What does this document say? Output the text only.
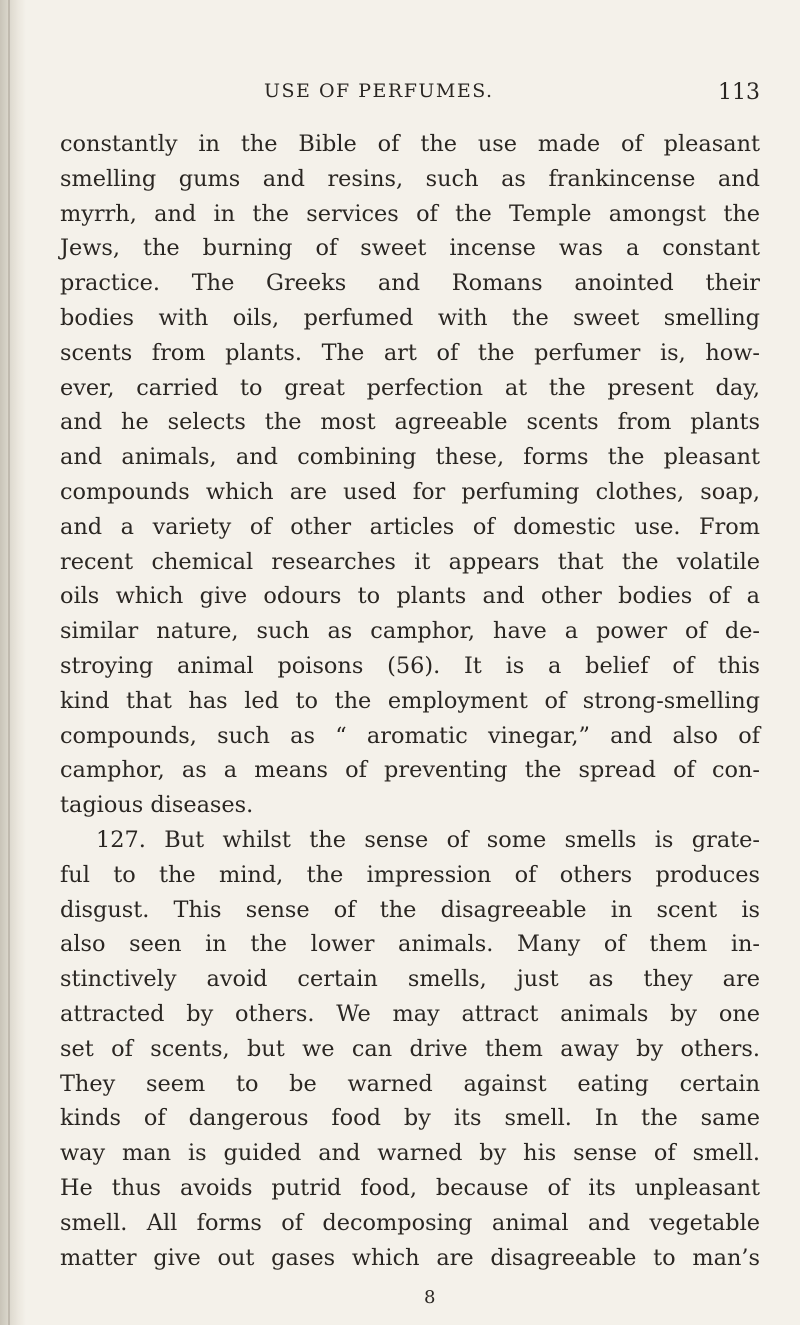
USE OF PERFUMES.	113
constantly in the Bible of the use made of pleasant
smelling gums and resins, such as frankincense and
myrrh, and in the services of the Temple amongst the
Jews, the burning of sweet incense was a constant
practice. The Greeks and Romans anointed their
bodies with oils, perfumed with the sweet smelling
scents from plants. The art of the perfumer is, how-
ever, carried to great perfection at the present day,
and he selects the most agreeable scents from plants
and animals, and combining these, forms the pleasant
compounds which are used for perfuming clothes, soap,
and a variety of other articles of domestic use. From
recent chemical researches it appears that the volatile
oils which give odours to plants and other bodies of a
similar nature, such as camphor, have a power of de-
stroying animal poisons (56). It is a belief of this
kind that has led to the employment of strong-smelling
compounds, such as “ aromatic vinegar,” and also of
camphor, as a means of preventing the spread of con-
tagious diseases.
127. But whilst the sense of some smells is grate-
ful to the mind, the impression of others produces
disgust. This sense of the disagreeable in scent is
also seen in the lower animals. Many of them in-
stinctively avoid certain smells, just as they are
attracted by others. We may attract animals by one
set of scents, but we can drive them away by others.
They seem to be warned against eating certain
kinds of dangerous food by its smell. In the same
way man is guided and warned by his sense of smell.
He thus avoids putrid food, because of its unpleasant
smell. All forms of decomposing animal and vegetable
matter give out gases which are disagreeable to man’s
8
